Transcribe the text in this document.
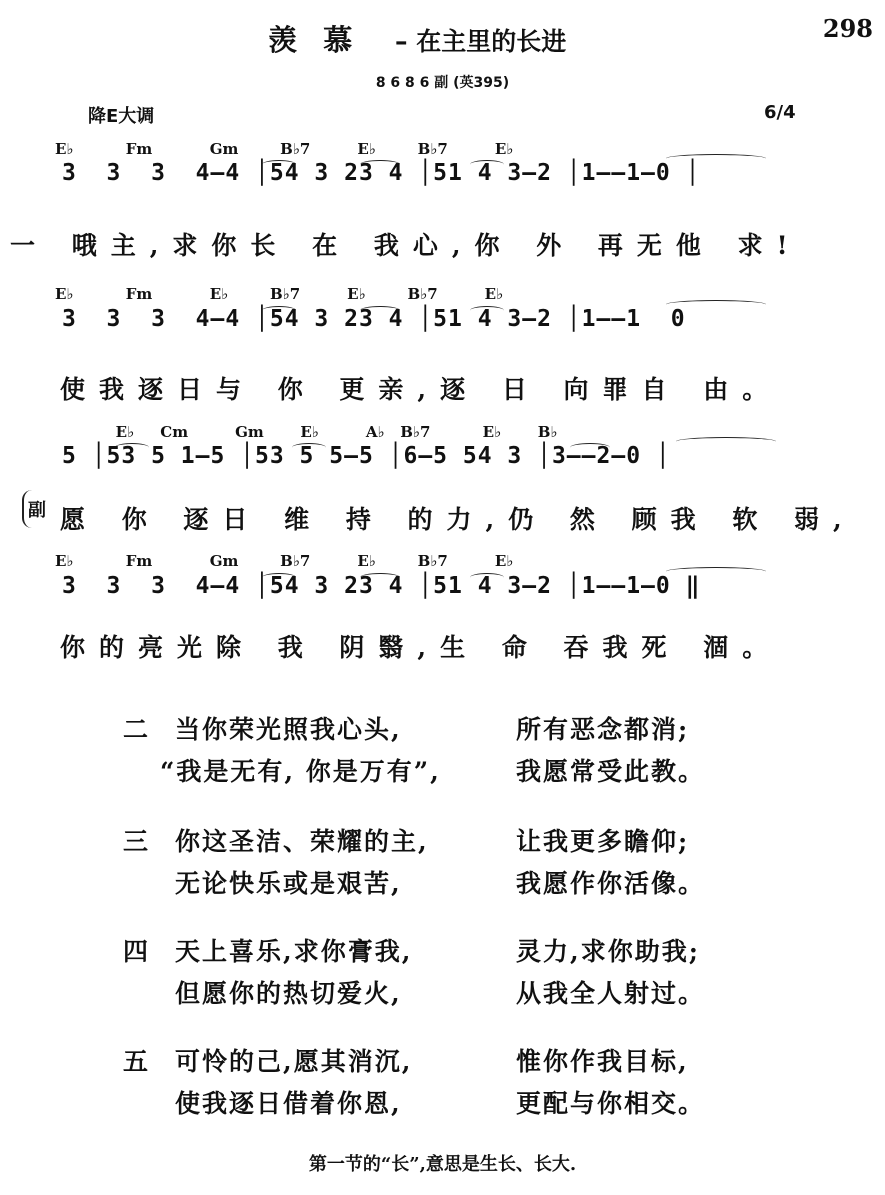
羡  慕 – 在主里的长进	298
8 6 8 6 副 (英395)
降E大调	6/4
E♭          Fm           Gm        B♭7         E♭        B♭7         E♭
3  3  3  4—4 │54 3 23 4 │51 4 3—2 │1——1—0 │
一 哦主,求你长 在 我心,你 外 再无他 求!
E♭          Fm           E♭        B♭7         E♭        B♭7         E♭
3  3  3  4—4 │54 3 23 4 │51 4 3—2 │1——1  0
使我逐日与 你 更亲,逐 日 向罪自 由。
E♭     Cm         Gm       E♭         A♭   B♭7          E♭       B♭
5 │53 5 1—5 │53 5 5—5 │6—5 54 3 │3——2—0 │
副 愿 你 逐日 维 持 的力,仍 然 顾我 软 弱,
E♭          Fm           Gm        B♭7         E♭        B♭7         E♭
3  3  3  4—4 │54 3 23 4 │51 4 3—2 │1——1—0 ‖
你的亮光除 我 阴翳,生 命 吞我死 涸。
二 当你荣光照我心头,	所有恶念都消;
“我是无有, 你是万有”,	我愿常受此教。
三 你这圣洁、荣耀的主,	让我更多瞻仰;
无论快乐或是艰苦,	我愿作你活像。
四 天上喜乐,求你膏我,	灵力,求你助我;
但愿你的热切爱火,	从我全人射过。
五 可怜的己,愿其消沉,	惟你作我目标,
使我逐日借着你恩,	更配与你相交。
第一节的“长”,意思是生长、长大.
